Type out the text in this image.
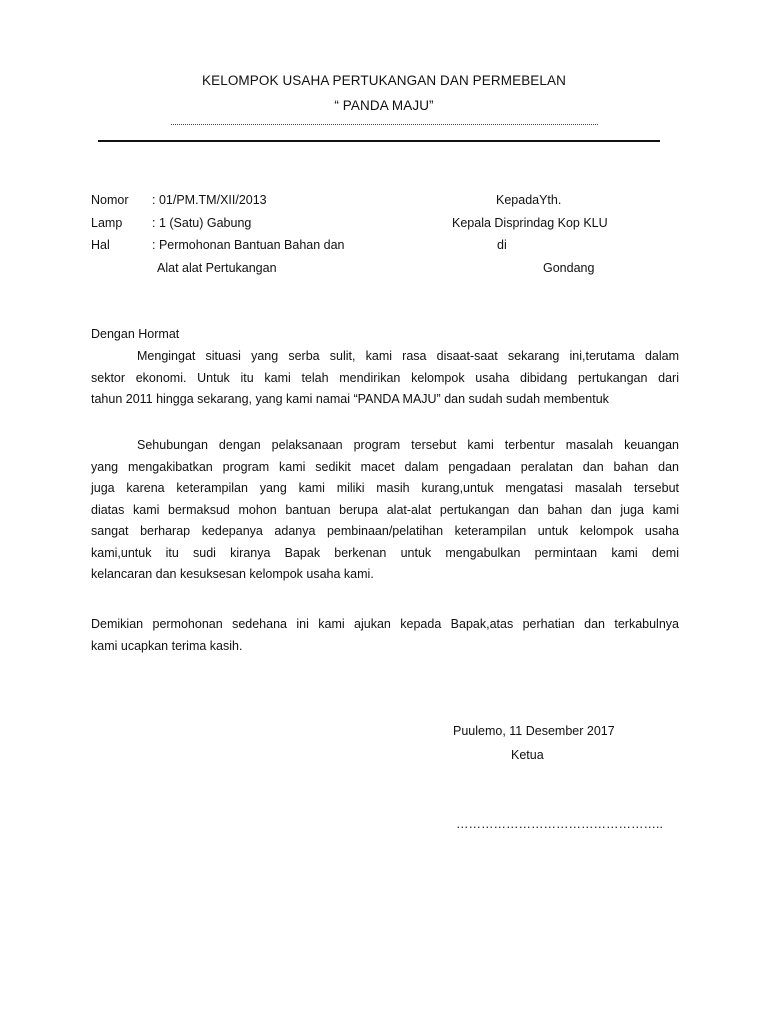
KELOMPOK USAHA PERTUKANGAN DAN PERMEBELAN
“ PANDA MAJU”
Nomor : 01/PM.TM/XII/2013
Lamp : 1 (Satu) Gabung
Hal	: Permohonan Bantuan Bahan dan
Alat alat Pertukangan
KepadaYth.
Kepala Disprindag Kop KLU
di
Gondang
Dengan Hormat
Mengingat situasi yang serba sulit, kami rasa disaat-saat sekarang ini,terutama dalam
sektor ekonomi. Untuk itu kami telah mendirikan kelompok usaha dibidang pertukangan dari
tahun 2011 hingga sekarang, yang kami namai “PANDA MAJU” dan sudah sudah membentuk
Sehubungan dengan pelaksanaan program tersebut kami terbentur masalah keuangan
yang mengakibatkan program kami sedikit macet dalam pengadaan peralatan dan bahan dan
juga karena keterampilan yang kami miliki masih kurang,untuk mengatasi masalah tersebut
diatas kami bermaksud mohon bantuan berupa alat-alat pertukangan dan bahan dan juga kami
sangat berharap kedepanya adanya pembinaan/pelatihan keterampilan untuk kelompok usaha
kami,untuk itu sudi kiranya Bapak berkenan untuk mengabulkan permintaan kami demi
kelancaran dan kesuksesan kelompok usaha kami.
Demikian permohonan sedehana ini kami ajukan kepada Bapak,atas perhatian dan terkabulnya
kami ucapkan terima kasih.
Puulemo, 11 Desember 2017
Ketua
…………………………………………..
